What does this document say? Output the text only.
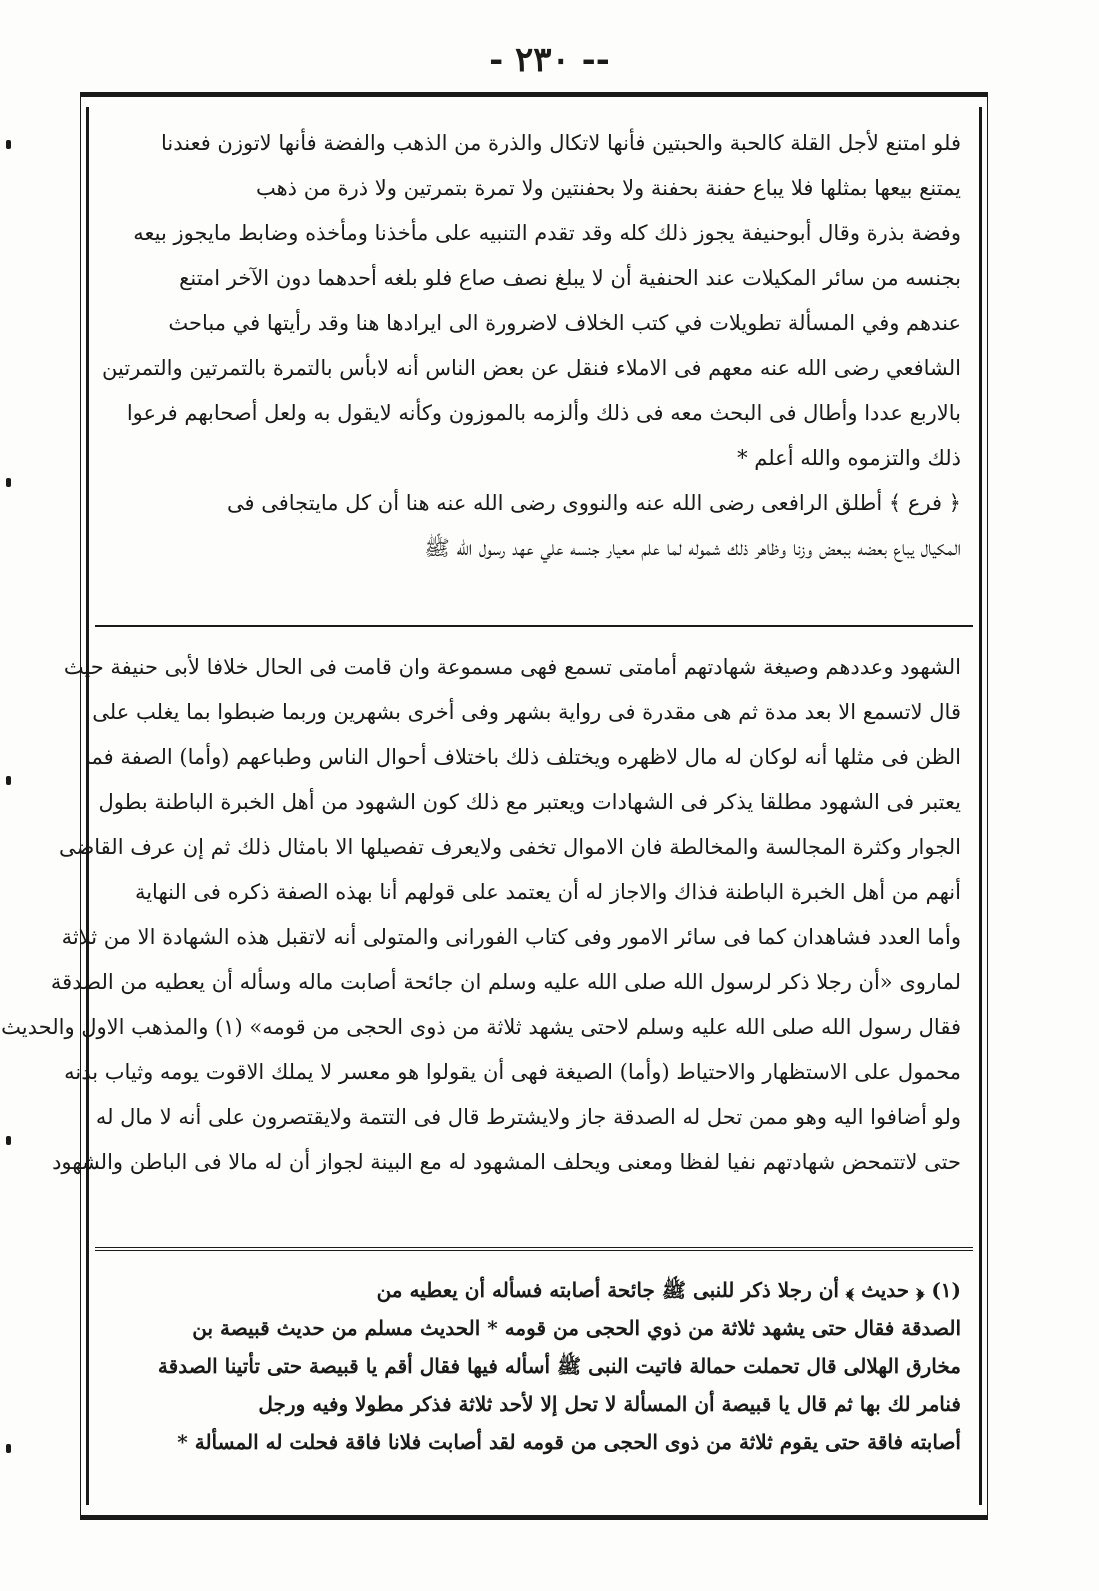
-- ٢٣٠ -

فلو امتنع لأجل القلة كالحبة والحبتين فأنها لاتكال والذرة من الذهب والفضة فأنها لاتوزن فعندنا

يمتنع بيعها بمثلها فلا يباع حفنة بحفنة ولا بحفنتين ولا تمرة بتمرتين ولا ذرة من ذهب

وفضة بذرة وقال أبوحنيفة يجوز ذلك كله وقد تقدم التنبيه على مأخذنا ومأخذه وضابط مايجوز بيعه

بجنسه من سائر المكيلات عند الحنفية أن لا يبلغ نصف صاع فلو بلغه أحدهما دون الآخر امتنع

عندهم وفي المسألة تطويلات في كتب الخلاف لاضرورة الى ايرادها هنا وقد رأيتها في مباحث

الشافعي رضى الله عنه معهم فى الاملاء فنقل عن بعض الناس أنه لابأس بالتمرة بالتمرتين والتمرتين

بالاربع عددا وأطال فى البحث معه فى ذلك وألزمه بالموزون وكأنه لايقول به ولعل أصحابهم فرعوا

ذلك والتزموه والله أعلم *

﴿ فرع ﴾ أطلق الرافعى رضى الله عنه والنووى رضى الله عنه هنا أن كل مايتجافى فى

المكيال يباع بعضه ببعض وزنا وظاهر ذلك شموله لما علم معيار جنسه علي عهد رسول الله ﷺ

الشهود وعددهم وصيغة شهادتهم أمامتى تسمع فهى مسموعة وان قامت فى الحال خلافا لأبى حنيفة حيث

قال لاتسمع الا بعد مدة ثم هى مقدرة فى رواية بشهر وفى أخرى بشهرين وربما ضبطوا بما يغلب على

الظن فى مثلها أنه لوكان له مال لاظهره ويختلف ذلك باختلاف أحوال الناس وطباعهم (وأما) الصفة فما

يعتبر فى الشهود مطلقا يذكر فى الشهادات ويعتبر مع ذلك كون الشهود من أهل الخبرة الباطنة بطول

الجوار وكثرة المجالسة والمخالطة فان الاموال تخفى ولايعرف تفصيلها الا بامثال ذلك ثم إن عرف القاضى

أنهم من أهل الخبرة الباطنة فذاك والاجاز له أن يعتمد على قولهم أنا بهذه الصفة ذكره فى النهاية

وأما العدد فشاهدان كما فى سائر الامور وفى كتاب الفورانى والمتولى أنه لاتقبل هذه الشهادة الا من ثلاثة

لماروى «أن رجلا ذكر لرسول الله صلى الله عليه وسلم ان جائحة أصابت ماله وسأله أن يعطيه من الصدقة

فقال رسول الله صلى الله عليه وسلم لاحتى يشهد ثلاثة من ذوى الحجى من قومه» (١) والمذهب الاول والحديث

محمول على الاستظهار والاحتياط (وأما) الصيغة فهى أن يقولوا هو معسر لا يملك الاقوت يومه وثياب بدنه

ولو أضافوا اليه وهو ممن تحل له الصدقة جاز ولايشترط قال فى التتمة ولايقتصرون على أنه لا مال له

حتى لاتتمحض شهادتهم نفيا لفظا ومعنى ويحلف المشهود له مع البينة لجواز أن له مالا فى الباطن والشهود

(١) ﴿ حديث ﴾ أن رجلا ذكر للنبى ﷺ جائحة أصابته فسأله أن يعطيه من

الصدقة فقال حتى يشهد ثلاثة من ذوي الحجى من قومه * الحديث مسلم من حديث قبيصة بن

مخارق الهلالى قال تحملت حمالة فاتيت النبى ﷺ أسأله فيها فقال أقم يا قبيصة حتى تأتينا الصدقة

فنامر لك بها ثم قال يا قبيصة أن المسألة لا تحل إلا لأحد ثلاثة فذكر مطولا وفيه ورجل

أصابته فاقة حتى يقوم ثلاثة من ذوى الحجى من قومه لقد أصابت فلانا فاقة فحلت له المسألة *
